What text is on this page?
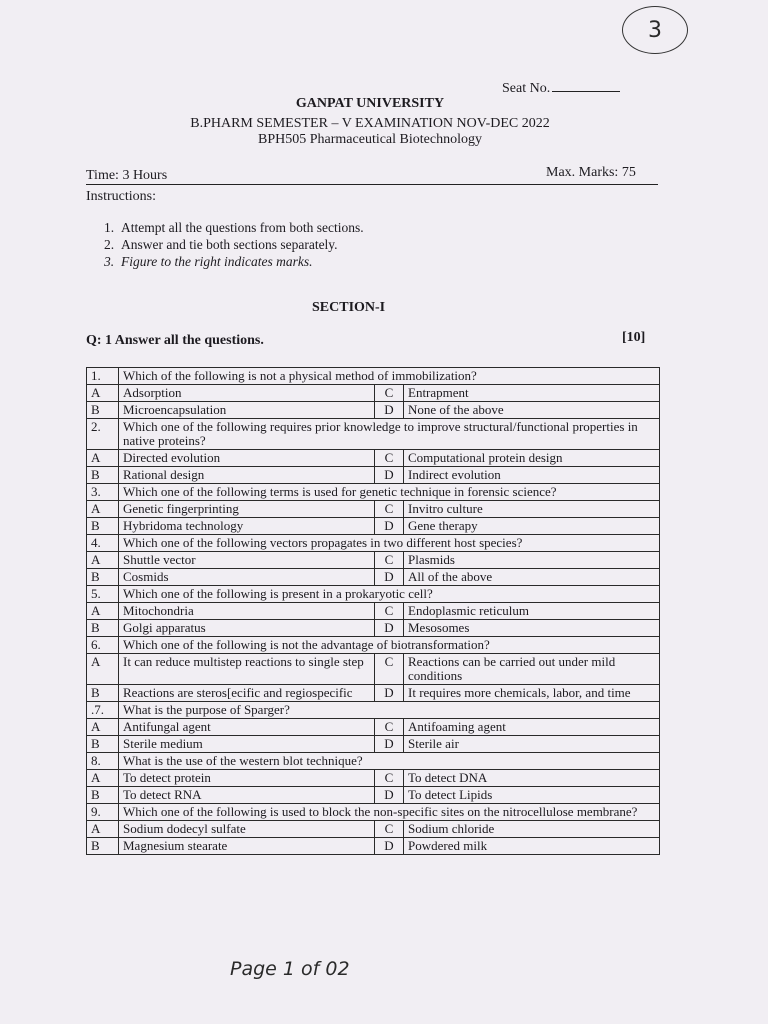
3
Seat No.
GANPAT UNIVERSITY
B.PHARM SEMESTER – V EXAMINATION NOV-DEC 2022
BPH505 Pharmaceutical Biotechnology
Time: 3 Hours	Max. Marks: 75
Instructions:
1. Attempt all the questions from both sections.
2. Answer and tie both sections separately.
3. Figure to the right indicates marks.
SECTION-I
Q: 1 Answer all the questions.	[10]
1.	Which of the following is not a physical method of immobilization?		
A	Adsorption	C	Entrapment
B	Microencapsulation	D	None of the above
2.	Which one of the following requires prior knowledge to improve structural/functional properties in native proteins?		
A	Directed evolution	C	Computational protein design
B	Rational design	D	Indirect evolution
3.	Which one of the following terms is used for genetic technique in forensic science?		
A	Genetic fingerprinting	C	Invitro culture
B	Hybridoma technology	D	Gene therapy
4.	Which one of the following vectors propagates in two different host species?		
A	Shuttle vector	C	Plasmids
B	Cosmids	D	All of the above
5.	Which one of the following is present in a prokaryotic cell?		
A	Mitochondria	C	Endoplasmic reticulum
B	Golgi apparatus	D	Mesosomes
6.	Which one of the following is not the advantage of biotransformation?		
A	It can reduce multistep reactions to single step	C	Reactions can be carried out under mild conditions
B	Reactions are steros[ecific and regiospecific	D	It requires more chemicals, labor, and time
.7.	What is the purpose of Sparger?		
A	Antifungal agent	C	Antifoaming agent
B	Sterile medium	D	Sterile air
8.	What is the use of the western blot technique?		
A	To detect protein	C	To detect DNA
B	To detect RNA	D	To detect Lipids
9.	Which one of the following is used to block the non-specific sites on the nitrocellulose membrane?		
A	Sodium dodecyl sulfate	C	Sodium chloride
B	Magnesium stearate	D	Powdered milk
Page 1 of 02
